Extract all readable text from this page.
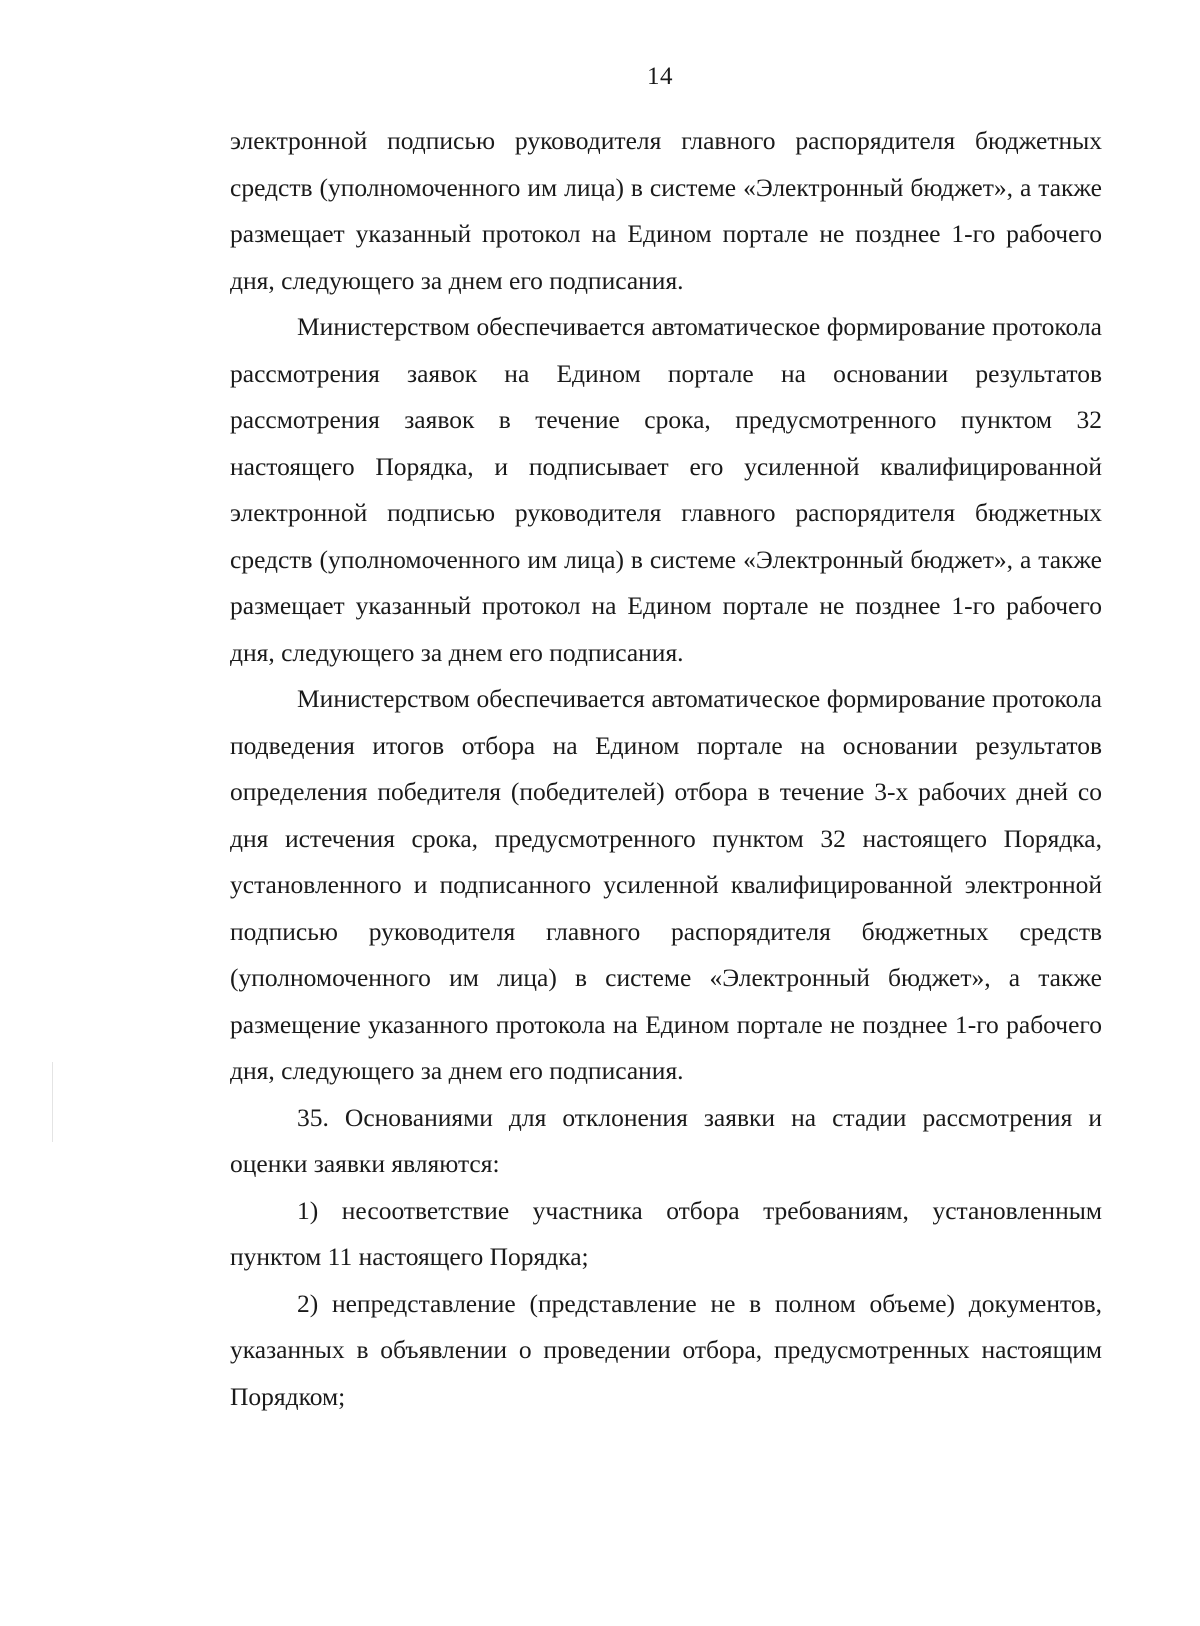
14

электронной подписью руководителя главного распорядителя бюджетных средств (уполномоченного им лица) в системе «Электронный бюджет», а также размещает указанный протокол на Едином портале не позднее 1-го рабочего дня, следующего за днем его подписания.

Министерством обеспечивается автоматическое формирование протокола рассмотрения заявок на Едином портале на основании результатов рассмотрения заявок в течение срока, предусмотренного пунктом 32 настоящего Порядка, и подписывает его усиленной квалифицированной электронной подписью руководителя главного распорядителя бюджетных средств (уполномоченного им лица) в системе «Электронный бюджет», а также размещает указанный протокол на Едином портале не позднее 1-го рабочего дня, следующего за днем его подписания.

Министерством обеспечивается автоматическое формирование протокола подведения итогов отбора на Едином портале на основании результатов определения победителя (победителей) отбора в течение 3-х рабочих дней со дня истечения срока, предусмотренного пунктом 32 настоящего Порядка, установленного и подписанного усиленной квалифицированной электронной подписью руководителя главного распорядителя бюджетных средств (уполномоченного им лица) в системе «Электронный бюджет», а также размещение указанного протокола на Едином портале не позднее 1-го рабочего дня, следующего за днем его подписания.

35. Основаниями для отклонения заявки на стадии рассмотрения и оценки заявки являются:

1) несоответствие участника отбора требованиям, установленным пунктом 11 настоящего Порядка;

2) непредставление (представление не в полном объеме) документов, указанных в объявлении о проведении отбора, предусмотренных настоящим Порядком;
